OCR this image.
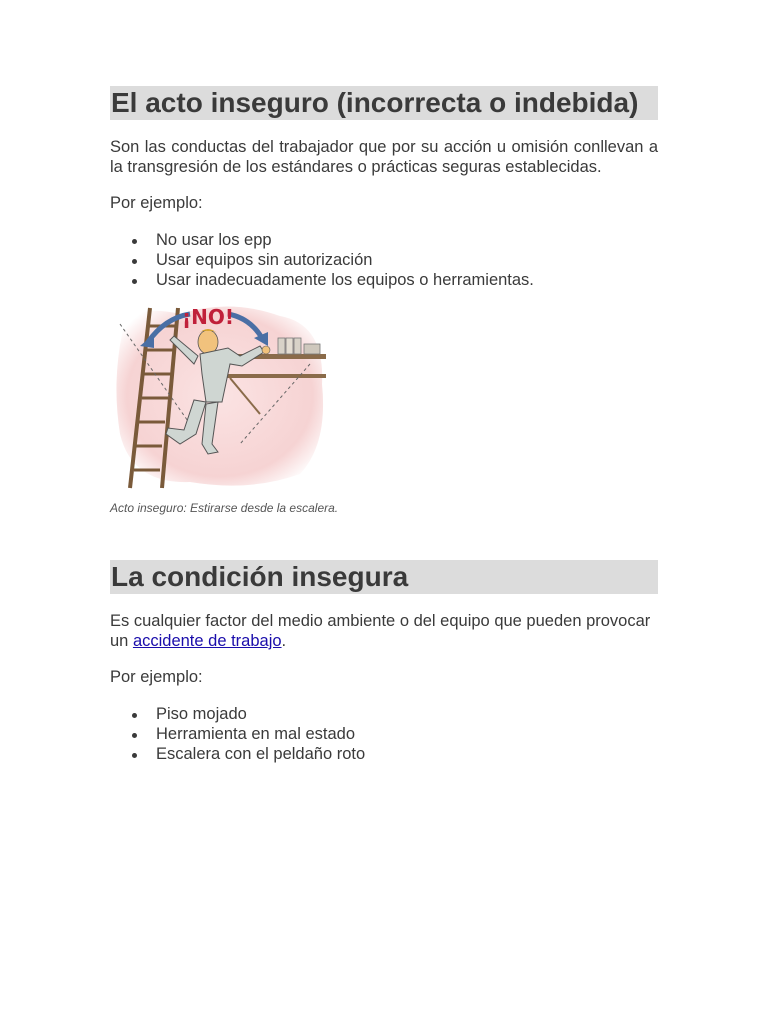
El acto inseguro (incorrecta o indebida)

Son las conductas del trabajador que por su acción u omisión conllevan a la transgresión de los estándares o prácticas seguras establecidas.

Por ejemplo:

No usar los epp
Usar equipos sin autorización
Usar inadecuadamente los equipos o herramientas.
¡NO!

Acto inseguro: Estirarse desde la escalera.

La condición insegura

Es cualquier factor del medio ambiente o del equipo que pueden provocar un accidente de trabajo.

Por ejemplo:

Piso mojado
Herramienta en mal estado
Escalera con el peldaño roto
